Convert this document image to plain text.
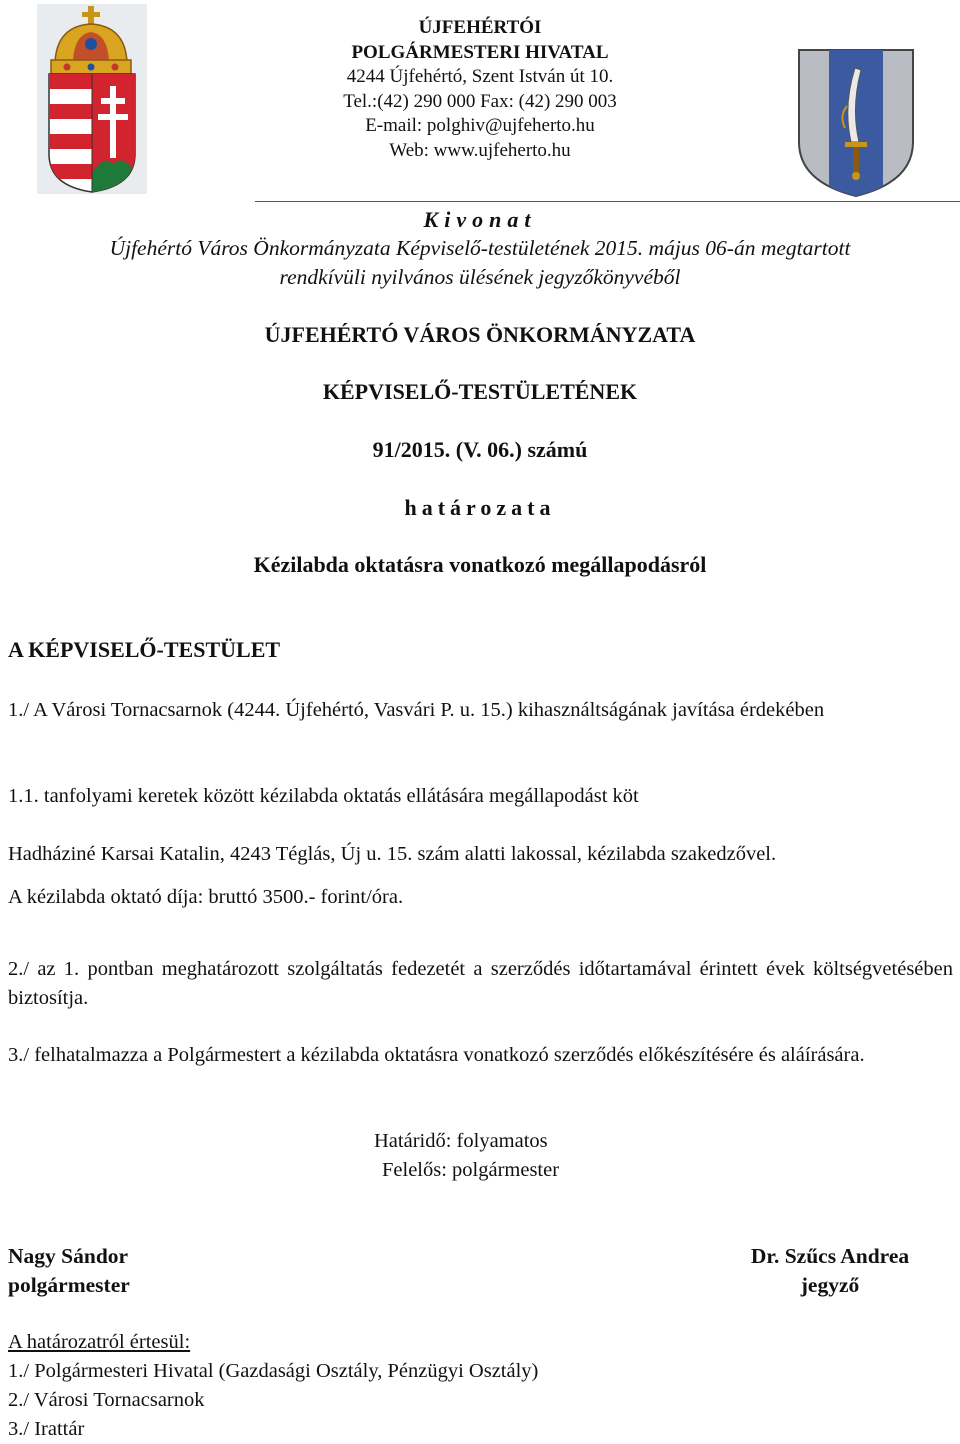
ÚJFEHÉRTÓI
POLGÁRMESTERI HIVATAL
4244 Újfehértó, Szent István út 10.
Tel.:(42) 290 000 Fax: (42) 290 003
E-mail: polghiv@ujfeherto.hu
Web: www.ujfeherto.hu
Kivonat
Újfehértó Város Önkormányzata Képviselő-testületének 2015. május 06-án megtartott
rendkívüli nyilvános ülésének jegyzőkönyvéből
ÚJFEHÉRTÓ VÁROS ÖNKORMÁNYZATA
KÉPVISELŐ-TESTÜLETÉNEK
91/2015. (V. 06.) számú
határozata
Kézilabda oktatásra vonatkozó megállapodásról
A KÉPVISELŐ-TESTÜLET
1./ A Városi Tornacsarnok (4244. Újfehértó, Vasvári P. u. 15.) kihasználtságának javítása érdekében
1.1. tanfolyami keretek között kézilabda oktatás ellátására megállapodást köt
Hadháziné Karsai Katalin, 4243 Téglás, Új u. 15. szám alatti lakossal, kézilabda szakedzővel.
A kézilabda oktató díja: bruttó 3500.- forint/óra.
2./ az 1. pontban meghatározott szolgáltatás fedezetét a szerződés időtartamával érintett évek költségvetésében biztosítja.
3./ felhatalmazza a Polgármestert a kézilabda oktatásra vonatkozó szerződés előkészítésére és aláírására.
Határidő: folyamatos
Felelős: polgármester
Nagy Sándor
polgármester
Dr. Szűcs Andrea
jegyző
A határozatról értesül:
1./ Polgármesteri Hivatal (Gazdasági Osztály, Pénzügyi Osztály)
2./ Városi Tornacsarnok
3./ Irattár
